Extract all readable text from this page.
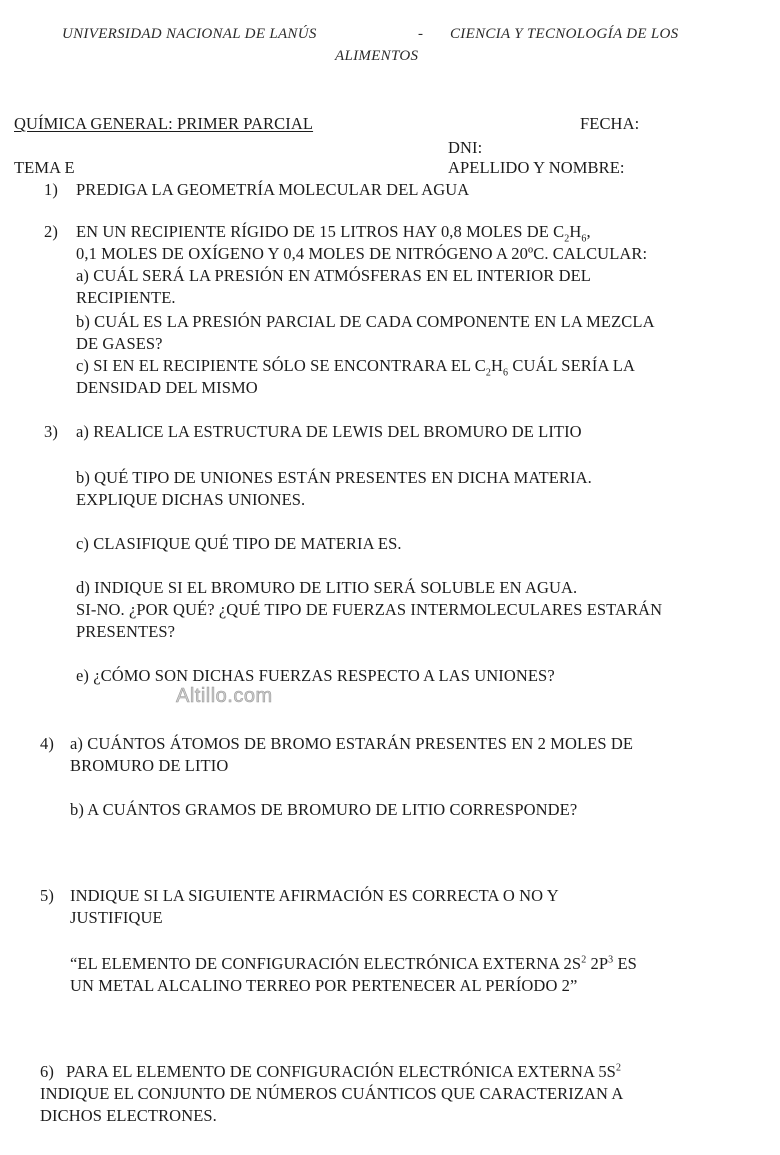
UNIVERSIDAD NACIONAL DE LANÚS	- CIENCIA Y TECNOLOGÍA DE LOS
ALIMENTOS
QUÍMICA GENERAL: PRIMER PARCIAL	FECHA:
DNI:
TEMA E	APELLIDO Y NOMBRE:
1) PREDIGA LA GEOMETRÍA MOLECULAR DEL AGUA
2) EN UN RECIPIENTE RÍGIDO DE 15 LITROS HAY 0,8 MOLES DE $C_2H_6$,
0,1 MOLES DE OXÍGENO Y 0,4 MOLES DE NITRÓGENO A 20ºC. CALCULAR:
a) CUÁL SERÁ LA PRESIÓN EN ATMÓSFERAS EN EL INTERIOR DEL
RECIPIENTE.
b) CUÁL ES LA PRESIÓN PARCIAL DE CADA COMPONENTE EN LA MEZCLA
DE GASES?
c) SI EN EL RECIPIENTE SÓLO SE ENCONTRARA EL $C_2H_6$ CUÁL SERÍA LA
DENSIDAD DEL MISMO
3) a) REALICE LA ESTRUCTURA DE LEWIS DEL BROMURO DE LITIO
b) QUÉ TIPO DE UNIONES ESTÁN PRESENTES EN DICHA MATERIA.
EXPLIQUE DICHAS UNIONES.
c) CLASIFIQUE QUÉ TIPO DE MATERIA ES.
d) INDIQUE SI EL BROMURO DE LITIO SERÁ SOLUBLE EN AGUA.
SI-NO. ¿POR QUÉ? ¿QUÉ TIPO DE FUERZAS INTERMOLECULARES ESTARÁN
PRESENTES?
e) ¿CÓMO SON DICHAS FUERZAS RESPECTO A LAS UNIONES?
Altillo.com
4) a) CUÁNTOS ÁTOMOS DE BROMO ESTARÁN PRESENTES EN 2 MOLES DE
BROMURO DE LITIO
b) A CUÁNTOS GRAMOS DE BROMURO DE LITIO CORRESPONDE?
5) INDIQUE SI LA SIGUIENTE AFIRMACIÓN ES CORRECTA O NO Y
JUSTIFIQUE
“EL ELEMENTO DE CONFIGURACIÓN ELECTRÓNICA EXTERNA $2S^2$ $2P^3$ ES
UN METAL ALCALINO TERREO POR PERTENECER AL PERÍODO 2”
6) PARA EL ELEMENTO DE CONFIGURACIÓN ELECTRÓNICA EXTERNA $5S^2$
INDIQUE EL CONJUNTO DE NÚMEROS CUÁNTICOS QUE CARACTERIZAN A
DICHOS ELECTRONES.
